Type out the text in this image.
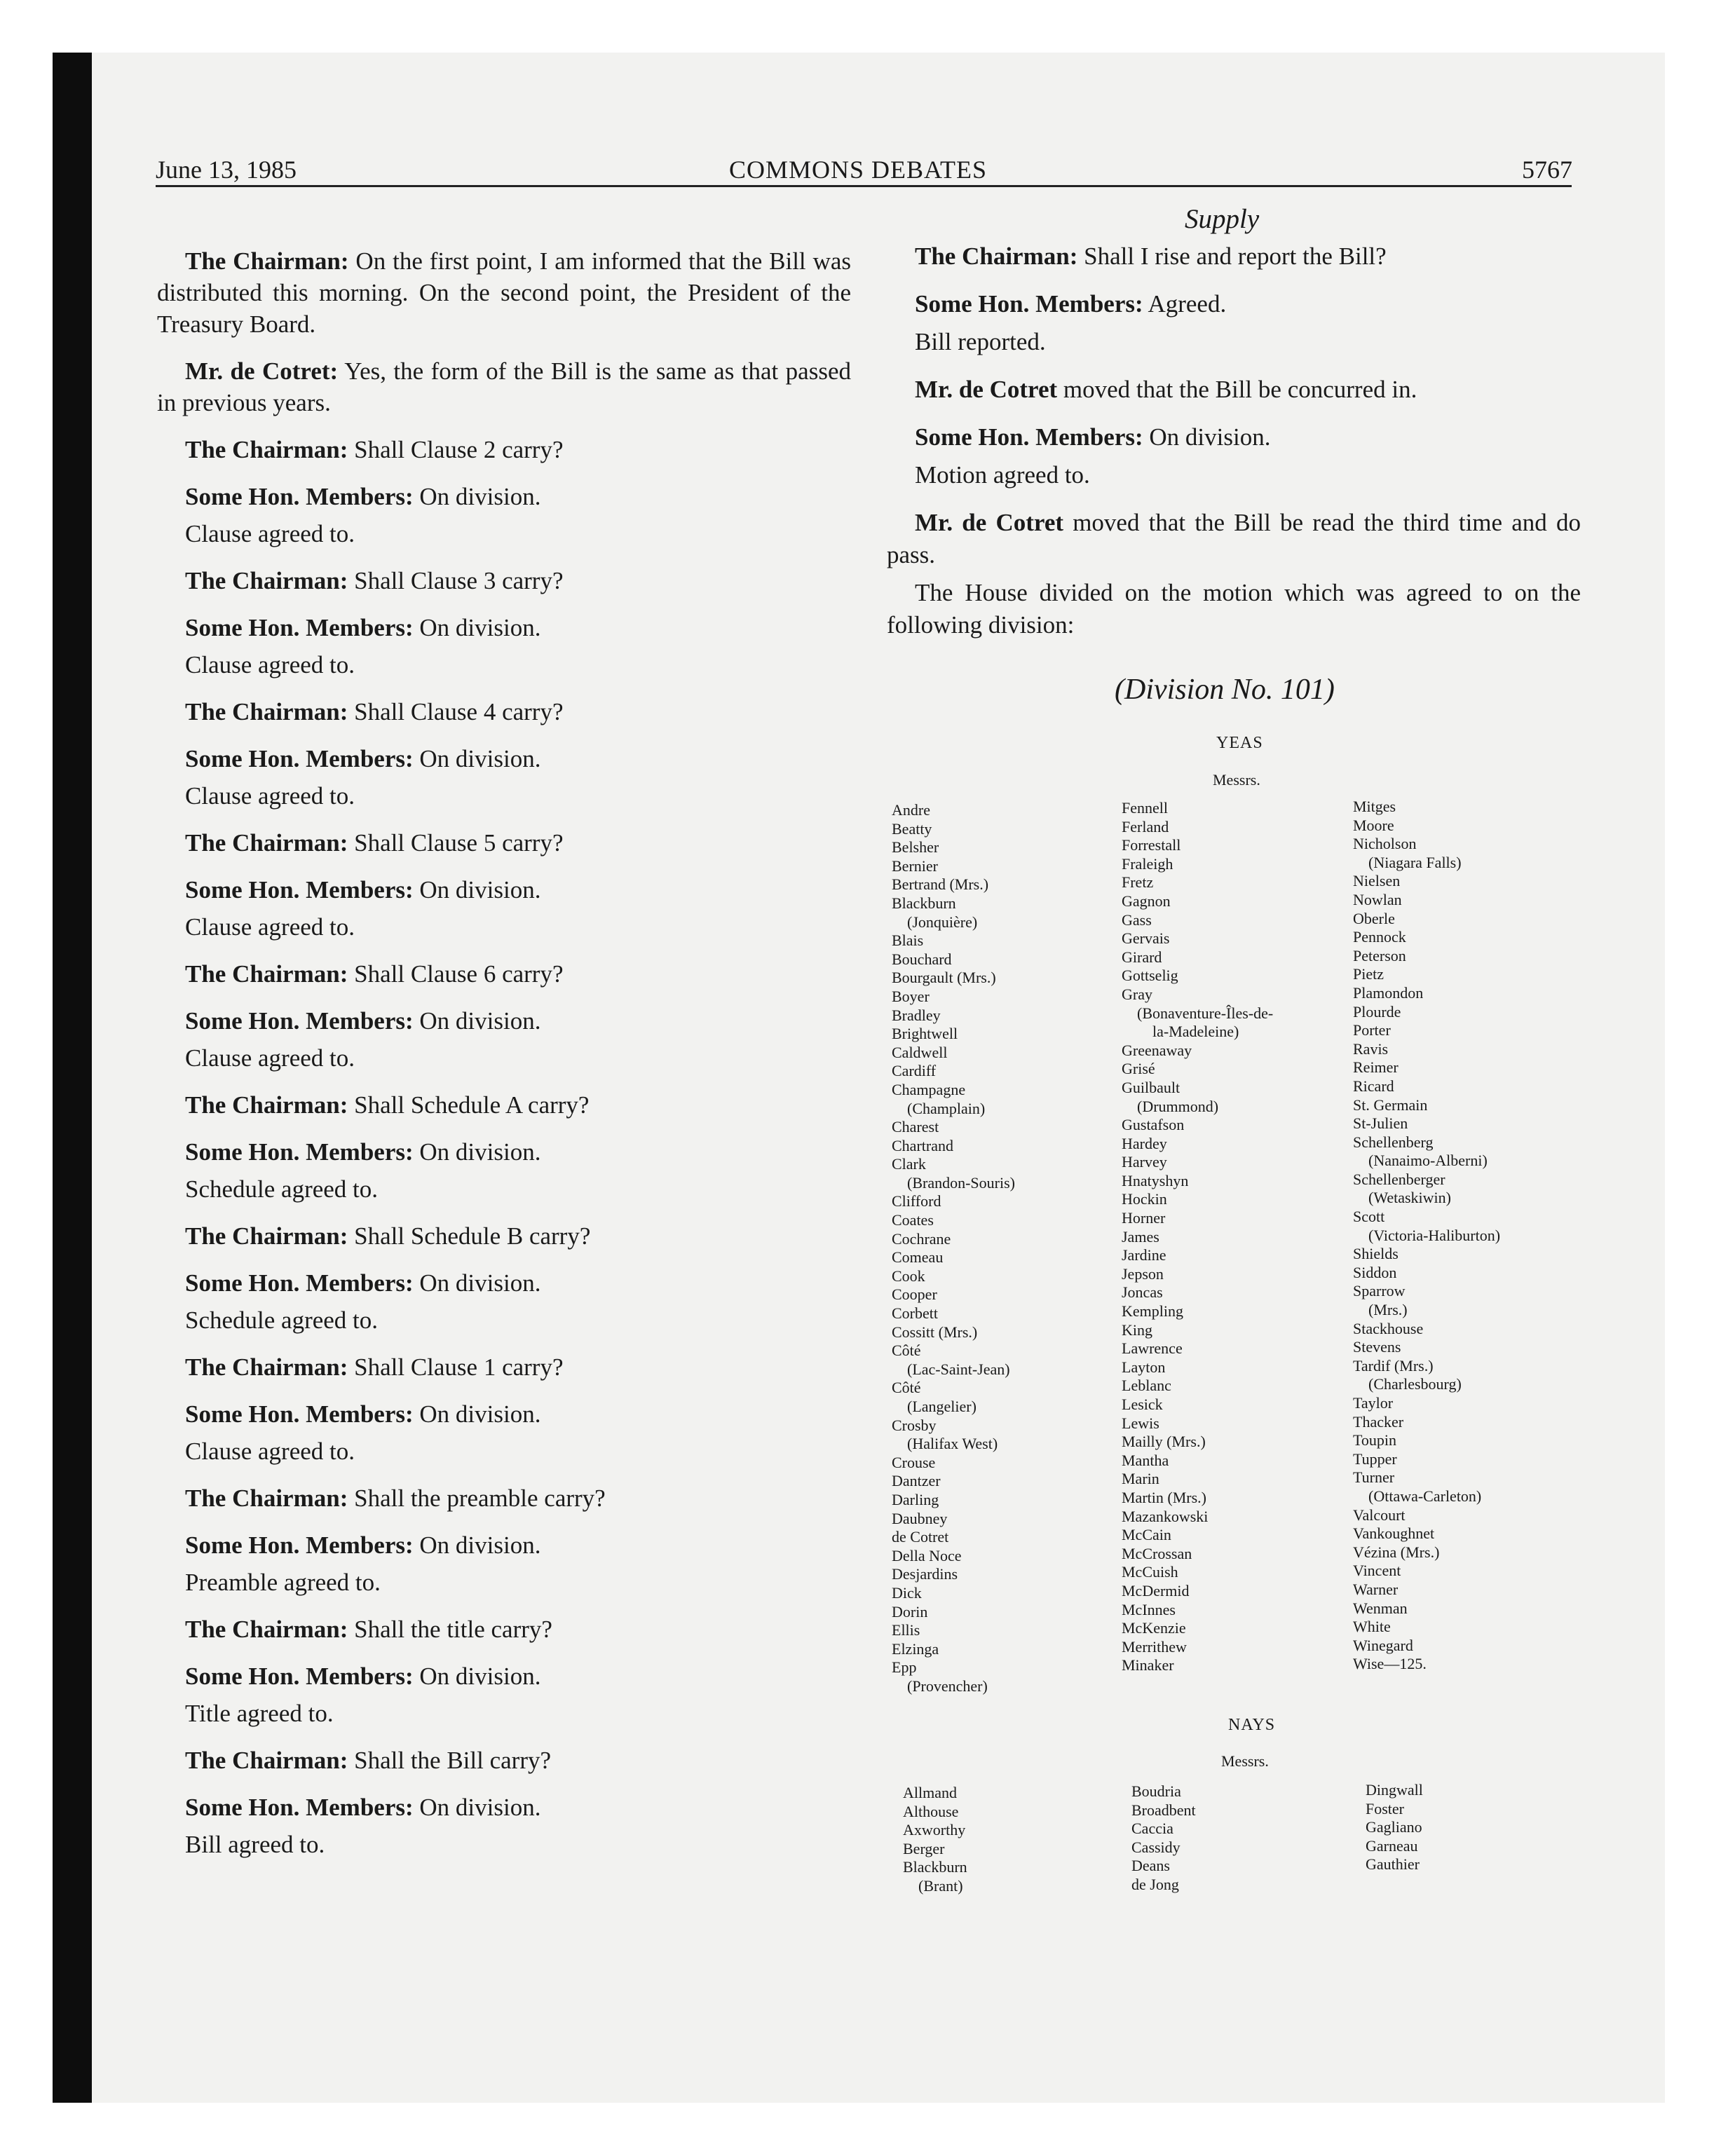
June 13, 1985	COMMONS DEBATES	5767
Supply

The Chairman: On the first point, I am informed that the Bill was distributed this morning. On the second point, the President of the Treasury Board.

Mr. de Cotret: Yes, the form of the Bill is the same as that passed in previous years.

The Chairman: Shall Clause 2 carry?

Some Hon. Members: On division.

Clause agreed to.

The Chairman: Shall Clause 3 carry?

Some Hon. Members: On division.

Clause agreed to.

The Chairman: Shall Clause 4 carry?

Some Hon. Members: On division.

Clause agreed to.

The Chairman: Shall Clause 5 carry?

Some Hon. Members: On division.

Clause agreed to.

The Chairman: Shall Clause 6 carry?

Some Hon. Members: On division.

Clause agreed to.

The Chairman: Shall Schedule A carry?

Some Hon. Members: On division.

Schedule agreed to.

The Chairman: Shall Schedule B carry?

Some Hon. Members: On division.

Schedule agreed to.

The Chairman: Shall Clause 1 carry?

Some Hon. Members: On division.

Clause agreed to.

The Chairman: Shall the preamble carry?

Some Hon. Members: On division.

Preamble agreed to.

The Chairman: Shall the title carry?

Some Hon. Members: On division.

Title agreed to.

The Chairman: Shall the Bill carry?

Some Hon. Members: On division.

Bill agreed to.

The Chairman: Shall I rise and report the Bill?

Some Hon. Members: Agreed.

Bill reported.

Mr. de Cotret moved that the Bill be concurred in.

Some Hon. Members: On division.

Motion agreed to.

Mr. de Cotret moved that the Bill be read the third time and do pass.

The House divided on the motion which was agreed to on the following division:

(Division No. 101)
YEAS
Messrs.
Andre
Beatty
Belsher
Bernier
Bertrand (Mrs.)
Blackburn
(Jonquière)
Blais
Bouchard
Bourgault (Mrs.)
Boyer
Bradley
Brightwell
Caldwell
Cardiff
Champagne
(Champlain)
Charest
Chartrand
Clark
(Brandon-Souris)
Clifford
Coates
Cochrane
Comeau
Cook
Cooper
Corbett
Cossitt (Mrs.)
Côté
(Lac-Saint-Jean)
Côté
(Langelier)
Crosby
(Halifax West)
Crouse
Dantzer
Darling
Daubney
de Cotret
Della Noce
Desjardins
Dick
Dorin
Ellis
Elzinga
Epp
(Provencher)
Fennell
Ferland
Forrestall
Fraleigh
Fretz
Gagnon
Gass
Gervais
Girard
Gottselig
Gray
(Bonaventure-Îles-de-
la-Madeleine)
Greenaway
Grisé
Guilbault
(Drummond)
Gustafson
Hardey
Harvey
Hnatyshyn
Hockin
Horner
James
Jardine
Jepson
Joncas
Kempling
King
Lawrence
Layton
Leblanc
Lesick
Lewis
Mailly (Mrs.)
Mantha
Marin
Martin (Mrs.)
Mazankowski
McCain
McCrossan
McCuish
McDermid
McInnes
McKenzie
Merrithew
Minaker
Mitges
Moore
Nicholson
(Niagara Falls)
Nielsen
Nowlan
Oberle
Pennock
Peterson
Pietz
Plamondon
Plourde
Porter
Ravis
Reimer
Ricard
St. Germain
St-Julien
Schellenberg
(Nanaimo-Alberni)
Schellenberger
(Wetaskiwin)
Scott
(Victoria-Haliburton)
Shields
Siddon
Sparrow
(Mrs.)
Stackhouse
Stevens
Tardif (Mrs.)
(Charlesbourg)
Taylor
Thacker
Toupin
Tupper
Turner
(Ottawa-Carleton)
Valcourt
Vankoughnet
Vézina (Mrs.)
Vincent
Warner
Wenman
White
Winegard
Wise—125.
NAYS
Messrs.
Allmand
Althouse
Axworthy
Berger
Blackburn
(Brant)
Boudria
Broadbent
Caccia
Cassidy
Deans
de Jong
Dingwall
Foster
Gagliano
Garneau
Gauthier
